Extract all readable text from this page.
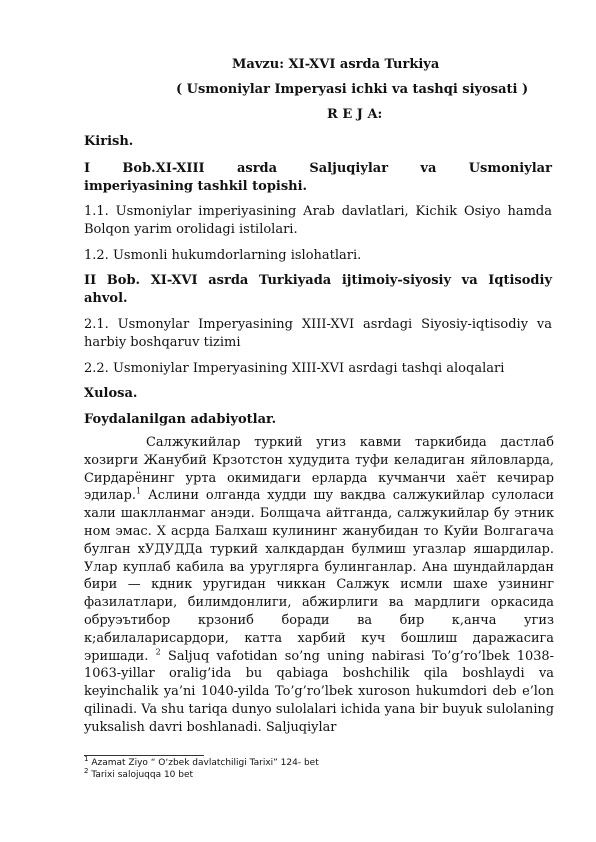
Mavzu: XI-XVI asrda Turkiya
( Usmoniylar Imperyasi ichki va tashqi siyosati )
R E J A:
Kirish.
I Bob.XI-XIII asrda Saljuqiylar va Usmoniylar
imperiyasining tashkil topishi.
1.1. Usmoniylar imperiyasining Arab davlatlari, Kichik Osiyo hamda Bolqon yarim orolidagi istilolari.
1.2. Usmonli hukumdorlarning islohatlari.
II Bob. XI-XVI asrda Turkiyada ijtimoiy-siyosiy va Iqtisodiy ahvol.
2.1. Usmonylar Imperyasining XIII-XVI asrdagi Siyosiy-iqtisodiy va harbiy boshqaruv tizimi
2.2. Usmoniylar Imperyasining XIII-XVI asrdagi tashqi aloqalari
Xulosa.
Foydalanilgan adabiyotlar.

Салжукийлар туркий угиз кавми таркибида дастлаб хозирги Жанубий Крзотстон худудита туфи келадиган яйловларда, Сирдарёнинг урта окимидаги ерларда кучманчи хаёт кечирар эдилар.$^1$ Аслини олганда худди шу вакдва салжукийлар сулоласи хали шаклланмаг анэди. Болщача айтганда, салжукийлар бу этник ном эмас. Х асрда Балхаш кулининг жанубидан то Куйи Волгагача булган хУДУДДа туркий халкдардан булмиш угазлар яшардилар. Улар куплаб кабила ва уруглярга булинганлар. Ана шундайлардан бири — кдник уругидан чиккан Салжук исмли шахе узининг фазилатлари, билимдонлиги, абжирлиги ва мардлиги оркасида обруэътибор крзониб боради ва бир к,анча угиз к;абилаларисардори, катта харбий куч бошлиш даражасига эришади. $^2$ Saljuq vafotidan so’ng uning nabirasi To’g’ro’lbek 1038-1063-yillar oralig’ida bu qabiaga boshchilik qila boshlaydi va keyinchalik ya’ni 1040-yilda To’g’ro’lbek xuroson hukumdori deb e’lon qilinadi. Va shu tariqa dunyo sulolalari ichida yana bir buyuk sulolaning yuksalish davri boshlanadi. Saljuqiylar

$^1$ Azamat Ziyo “ O‘zbek davlatchiligi Tarixi” 124- bet
$^2$ Tarixi salojuqqa 10 bet
